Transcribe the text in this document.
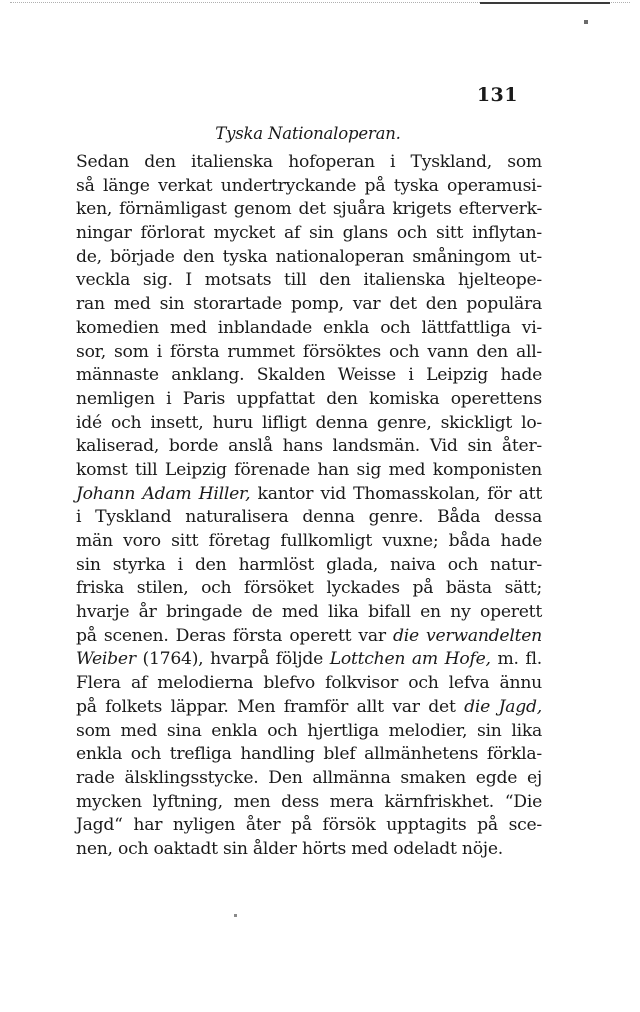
131
Tyska Nationaloperan.
Sedan den italienska hofoperan i Tyskland, som
så länge verkat undertryckande på tyska operamusi-
ken, förnämligast genom det sjuåra krigets efterverk-
ningar förlorat mycket af sin glans och sitt inflytan-
de, började den tyska nationaloperan småningom ut-
veckla sig. I motsats till den italienska hjelteope-
ran med sin storartade pomp, var det den populära
komedien med inblandade enkla och lättfattliga vi-
sor, som i första rummet försöktes och vann den all-
männaste anklang. Skalden Weisse i Leipzig hade
nemligen i Paris uppfattat den komiska operettens
idé och insett, huru lifligt denna genre, skickligt lo-
kaliserad, borde anslå hans landsmän. Vid sin åter-
komst till Leipzig förenade han sig med komponisten
Johann Adam Hiller, kantor vid Thomasskolan, för att
i Tyskland naturalisera denna genre. Båda dessa
män voro sitt företag fullkomligt vuxne; båda hade
sin styrka i den harmlöst glada, naiva och natur-
friska stilen, och försöket lyckades på bästa sätt;
hvarje år bringade de med lika bifall en ny operett
på scenen. Deras första operett var die verwandelten
Weiber (1764), hvarpå följde Lottchen am Hofe, m. fl.
Flera af melodierna blefvo folkvisor och lefva ännu
på folkets läppar. Men framför allt var det die Jagd,
som med sina enkla och hjertliga melodier, sin lika
enkla och trefliga handling blef allmänhetens förkla-
rade älsklingsstycke. Den allmänna smaken egde ej
mycken lyftning, men dess mera kärnfriskhet. “Die
Jagd“ har nyligen åter på försök upptagits på sce-
nen, och oaktadt sin ålder hörts med odeladt nöje.
